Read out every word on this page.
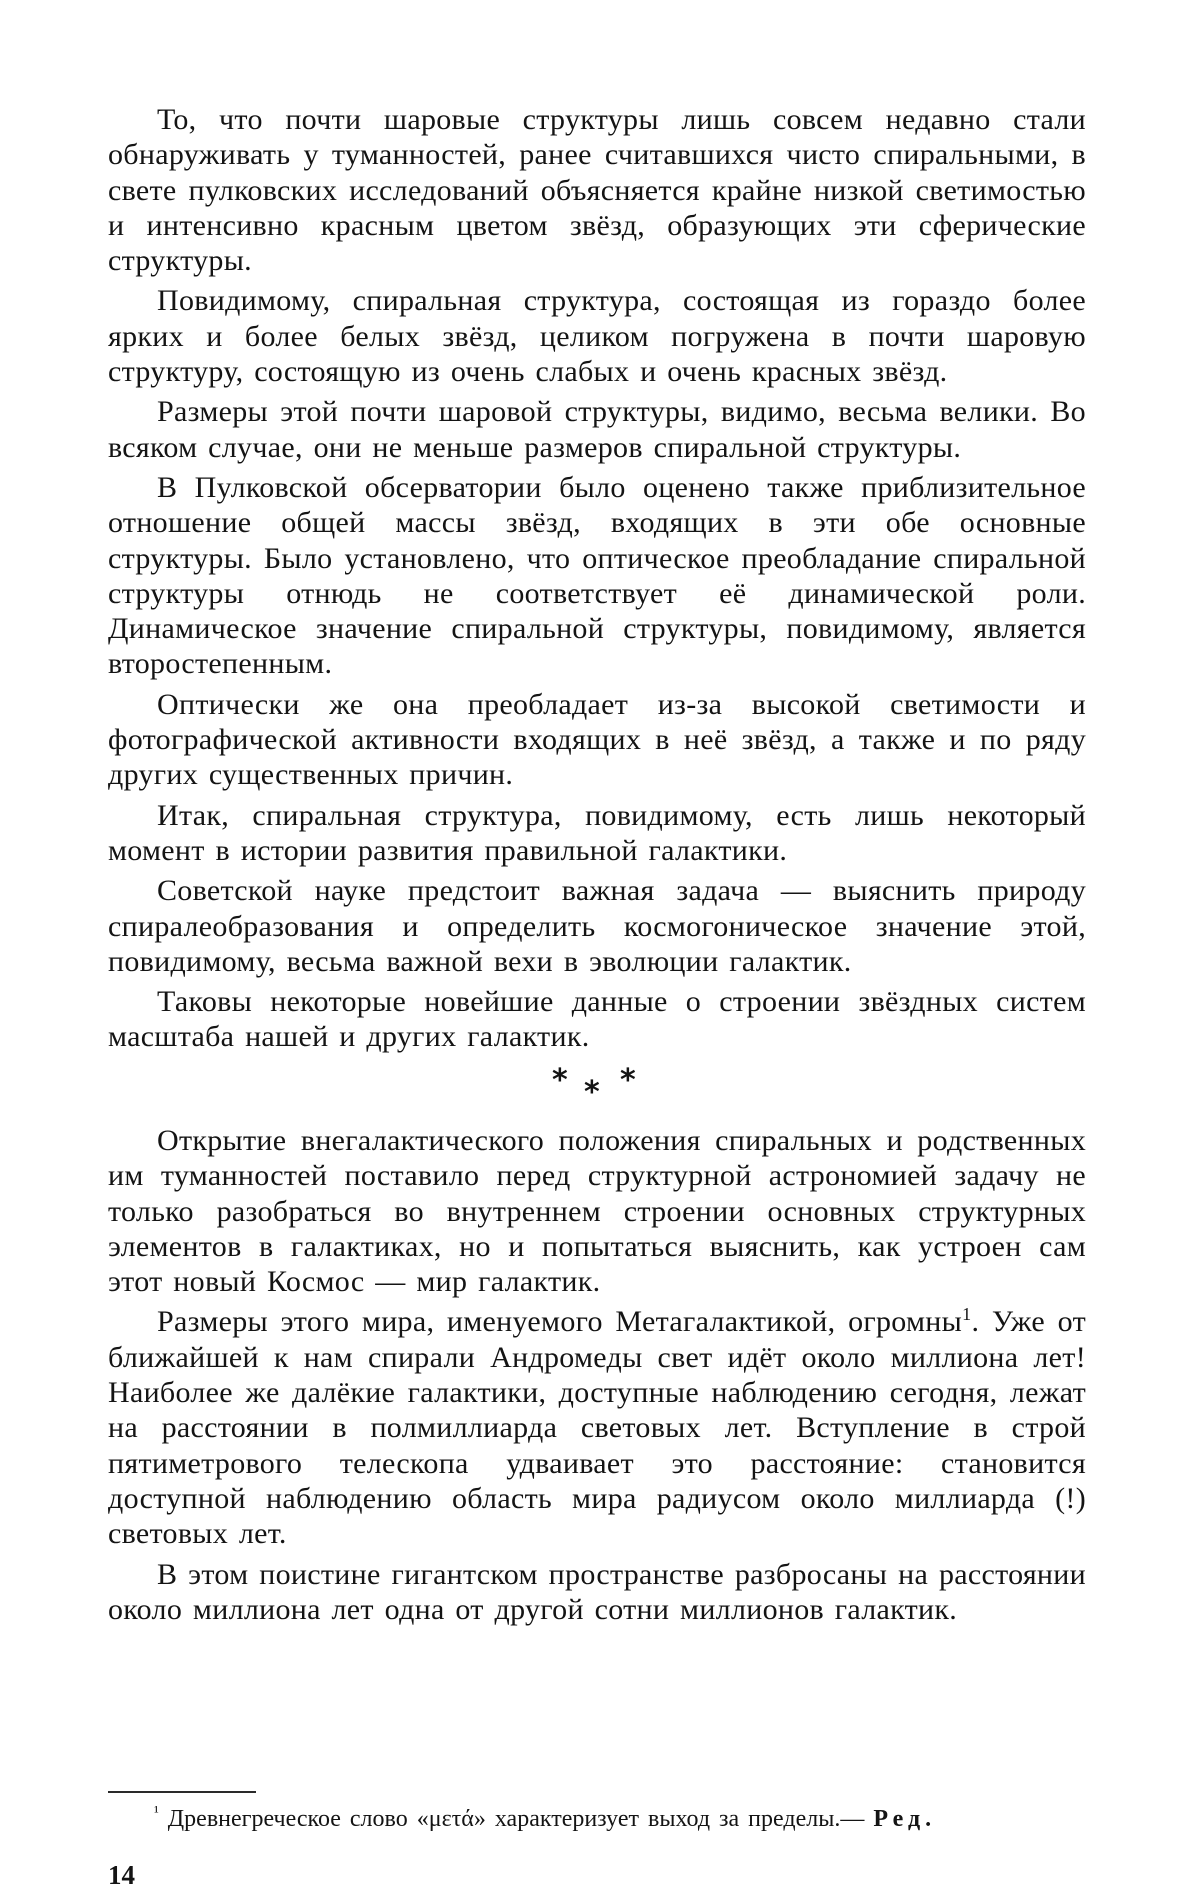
То, что почти шаровые структуры лишь совсем недавно стали обнаруживать у туманностей, ранее считавшихся чисто спиральными, в свете пулковских исследований объясняется крайне низкой светимостью и интенсивно красным цветом звёзд, образующих эти сферические структуры.

Повидимому, спиральная структура, состоящая из гораздо более ярких и более белых звёзд, целиком погружена в почти шаровую структуру, состоящую из очень слабых и очень красных звёзд.

Размеры этой почти шаровой структуры, видимо, весьма велики. Во всяком случае, они не меньше размеров спиральной структуры.

В Пулковской обсерватории было оценено также приблизительное отношение общей массы звёзд, входящих в эти обе основные структуры. Было установлено, что оптическое преобладание спиральной структуры отнюдь не соответствует её динамической роли. Динамическое значение спиральной структуры, повидимому, является второстепенным.

Оптически же она преобладает из-за высокой светимости и фотографической активности входящих в неё звёзд, а также и по ряду других существенных причин.

Итак, спиральная структура, повидимому, есть лишь некоторый момент в истории развития правильной галактики.

Советской науке предстоит важная задача — выяснить природу спиралеобразования и определить космогоническое значение этой, повидимому, весьма важной вехи в эволюции галактик.

Таковы некоторые новейшие данные о строении звёздных систем масштаба нашей и других галактик.

* * *

Открытие внегалактического положения спиральных и родственных им туманностей поставило перед структурной астрономией задачу не только разобраться во внутреннем строении основных структурных элементов в галактиках, но и попытаться выяснить, как устроен сам этот новый Космос — мир галактик.

Размеры этого мира, именуемого Метагалактикой, огромны$^1$. Уже от ближайшей к нам спирали Андромеды свет идёт около миллиона лет! Наиболее же далёкие галактики, доступные наблюдению сегодня, лежат на расстоянии в полмиллиарда световых лет. Вступление в строй пятиметрового телескопа удваивает это расстояние: становится доступной наблюдению область мира радиусом около миллиарда (!) световых лет.

В этом поистине гигантском пространстве разбросаны на расстоянии около миллиона лет одна от другой сотни миллионов галактик.

$^{^1}$ Древнегреческое слово «μετά» характеризует выход за пределы.— Ред.

14
